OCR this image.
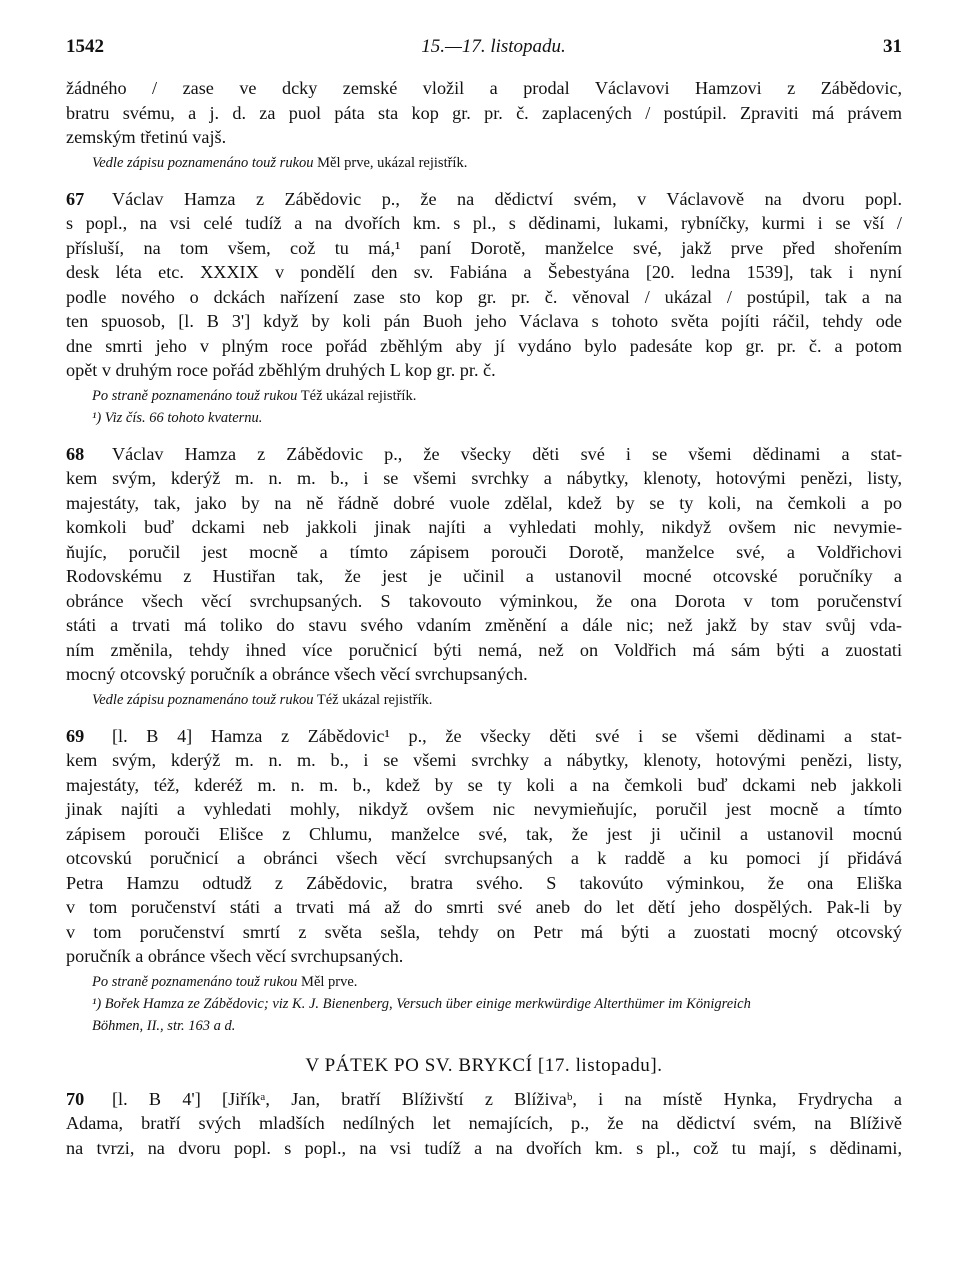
1542	15.—17. listopadu.	31

žádného / zase ve dcky zemské vložil a prodal Václavovi Hamzovi z Zábědovic,
bratru svému, a j. d. za puol páta sta kop gr. pr. č. zaplacených / postúpil. Zpraviti má právem
zemským třetinú vajš.

Vedle zápisu poznamenáno touž rukou Měl prve, ukázal rejistřík.

67 Václav Hamza z Zábědovic p., že na dědictví svém, v Václavově na dvoru popl.
s popl., na vsi celé tudíž a na dvořích km. s pl., s dědinami, lukami, rybníčky, kurmi i se vší /
přísluší, na tom všem, což tu má,¹ paní Dorotě, manželce své, jakž prve před shořením
desk léta etc. XXXIX v pondělí den sv. Fabiána a Šebestyána [20. ledna 1539], tak i nyní
podle nového o dckách nařízení zase sto kop gr. pr. č. věnoval / ukázal / postúpil, tak a na
ten spuosob, [l. B 3'] když by koli pán Buoh jeho Václava s tohoto světa pojíti ráčil, tehdy ode
dne smrti jeho v plným roce pořád zběhlým aby jí vydáno bylo padesáte kop gr. pr. č. a potom
opět v druhým roce pořád zběhlým druhých L kop gr. pr. č.

Po straně poznamenáno touž rukou Též ukázal rejistřík.
¹) Viz čís. 66 tohoto kvaternu.

68 Václav Hamza z Zábědovic p., že všecky děti své i se všemi dědinami a stat-
kem svým, kderýž m. n. m. b., i se všemi svrchky a nábytky, klenoty, hotovými penězi, listy,
majestáty, tak, jako by na ně řádně dobré vuole zdělal, kdež by se ty koli, na čemkoli a po
komkoli buď dckami neb jakkoli jinak najíti a vyhledati mohly, nikdyž ovšem nic nevymie-
ňujíc, poručil jest mocně a tímto zápisem porouči Dorotě, manželce své, a Voldřichovi
Rodovskému z Hustiřan tak, že jest je učinil a ustanovil mocné otcovské poručníky a
obránce všech věcí svrchupsaných. S takovouto výminkou, že ona Dorota v tom poručenství
státi a trvati má toliko do stavu svého vdaním změnění a dále nic; než jakž by stav svůj vda-
ním změnila, tehdy ihned více poručnicí býti nemá, než on Voldřich má sám býti a zuostati
mocný otcovský poručník a obránce všech věcí svrchupsaných.

Vedle zápisu poznamenáno touž rukou Též ukázal rejistřík.

69 [l. B 4] Hamza z Zábědovic¹ p., že všecky děti své i se všemi dědinami a stat-
kem svým, kderýž m. n. m. b., i se všemi svrchky a nábytky, klenoty, hotovými penězi, listy,
majestáty, též, kderéž m. n. m. b., kdež by se ty koli a na čemkoli buď dckami neb jakkoli
jinak najíti a vyhledati mohly, nikdyž ovšem nic nevymieňujíc, poručil jest mocně a tímto
zápisem porouči Elišce z Chlumu, manželce své, tak, že jest ji učinil a ustanovil mocnú
otcovskú poručnicí a obránci všech věcí svrchupsaných a k raddě a ku pomoci jí přidává
Petra Hamzu odtudž z Zábědovic, bratra svého. S takovúto výminkou, že ona Eliška
v tom poručenství státi a trvati má až do smrti své aneb do let dětí jeho dospělých. Pak-li by
v tom poručenství smrtí z světa sešla, tehdy on Petr má býti a zuostati mocný otcovský
poručník a obránce všech věcí svrchupsaných.

Po straně poznamenáno touž rukou Měl prve.
¹) Bořek Hamza ze Zábědovic; viz K. J. Bienenberg, Versuch über einige merkwürdige Alterthümer im Königreich
Böhmen, II., str. 163 a d.
V PÁTEK PO SV. BRYKCÍ [17. listopadu].

70 [l. B 4'] [Jiříkᵃ, Jan, bratří Blíživští z Blíživaᵇ, i na místě Hynka, Frydrycha a
Adama, bratří svých mladších nedílných let nemajících, p., že na dědictví svém, na Blíživě
na tvrzi, na dvoru popl. s popl., na vsi tudíž a na dvořích km. s pl., což tu mají, s dědinami,
